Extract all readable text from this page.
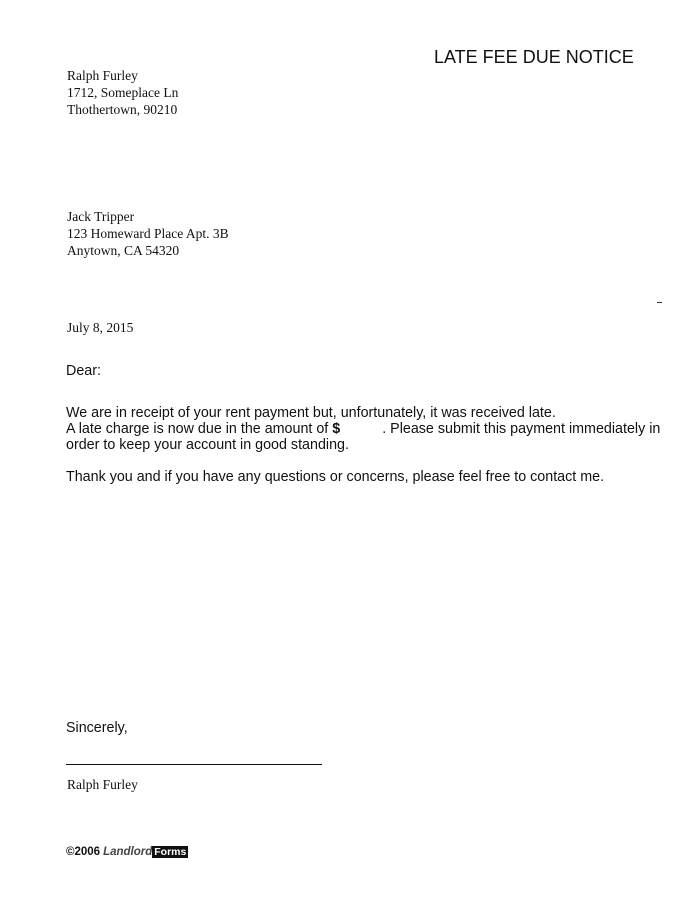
LATE FEE DUE NOTICE
Ralph Furley
1712, Someplace Ln
Thothertown, 90210
Jack Tripper
123 Homeward Place Apt. 3B
Anytown, CA 54320
July 8, 2015
Dear:
We are in receipt of your rent payment but, unfortunately, it was received late.
A late charge is now due in the amount of $	. Please submit this payment immediately in
order to keep your account in good standing.
Thank you and if you have any questions or concerns, please feel free to contact me.
Sincerely,
Ralph Furley
©2006 Landlord Forms
